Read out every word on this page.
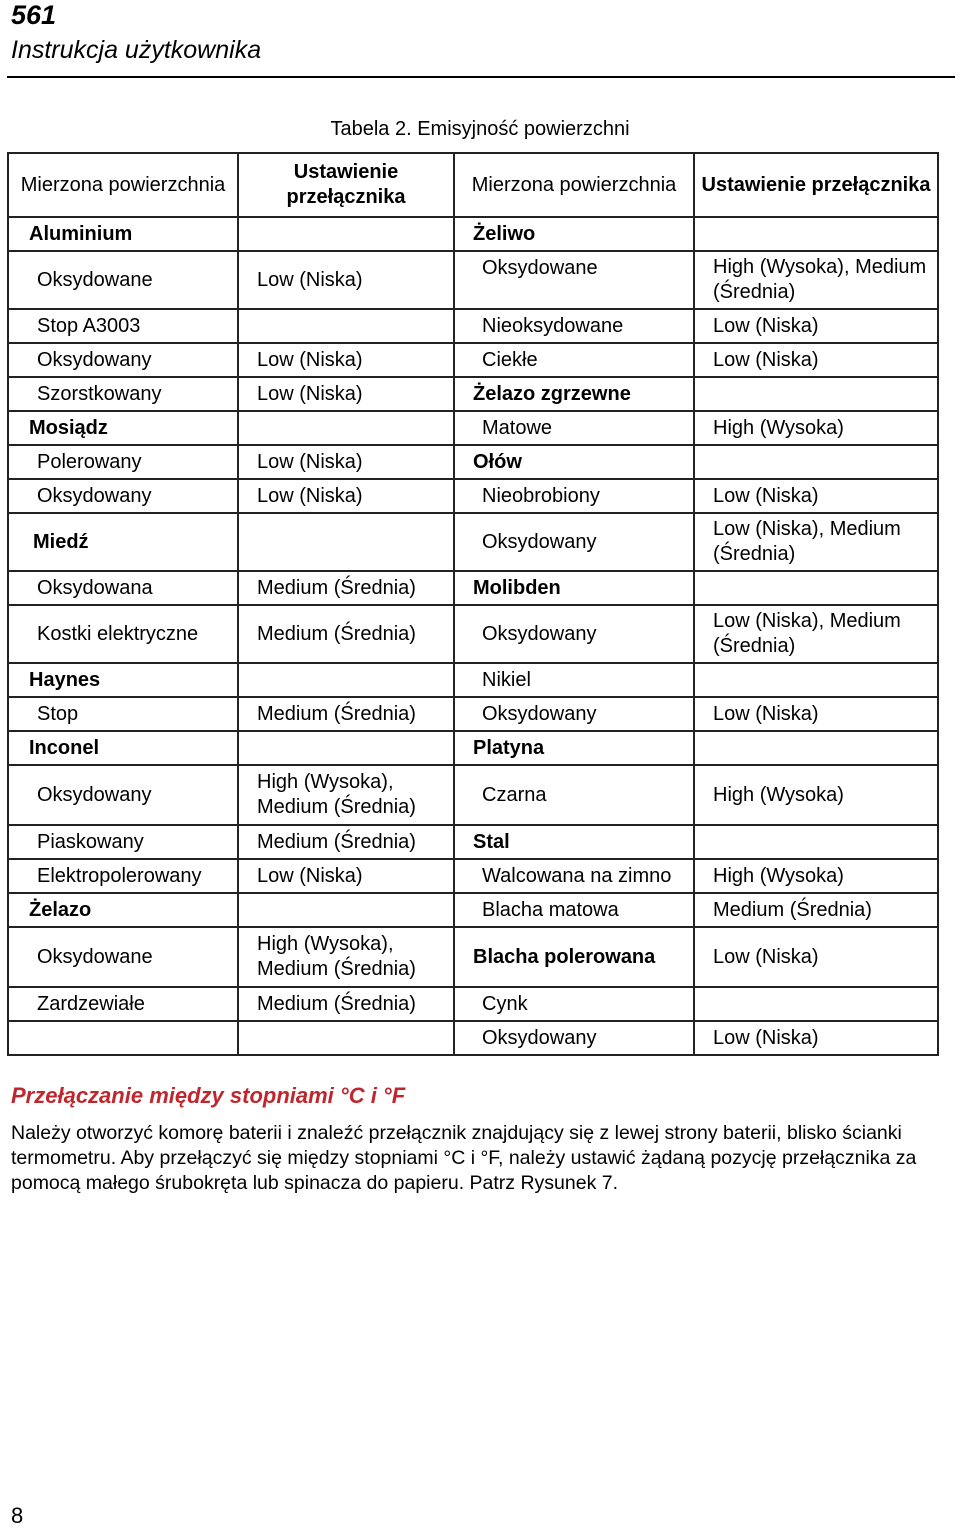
561
Instrukcja użytkownika
Tabela 2. Emisyjność powierzchni
Mierzona powierzchnia	Ustawienie przełącznika	Mierzona powierzchnia	Ustawienie przełącznika
Aluminium		Żeliwo	
Oksydowane	Low (Niska)	Oksydowane	High (Wysoka), Medium (Średnia)
Stop A3003		Nieoksydowane	Low (Niska)
Oksydowany	Low (Niska)	Ciekłe	Low (Niska)
Szorstkowany	Low (Niska)	Żelazo zgrzewne	
Mosiądz		Matowe	High (Wysoka)
Polerowany	Low (Niska)	Ołów	
Oksydowany	Low (Niska)	Nieobrobiony	Low (Niska)
Miedź		Oksydowany	Low (Niska), Medium (Średnia)
Oksydowana	Medium (Średnia)	Molibden	
Kostki elektryczne	Medium (Średnia)	Oksydowany	Low (Niska), Medium (Średnia)
Haynes		Nikiel	
Stop	Medium (Średnia)	Oksydowany	Low (Niska)
Inconel		Platyna	
Oksydowany	High (Wysoka), Medium (Średnia)	Czarna	High (Wysoka)
Piaskowany	Medium (Średnia)	Stal	
Elektropolerowany	Low (Niska)	Walcowana na zimno	High (Wysoka)
Żelazo		Blacha matowa	Medium (Średnia)
Oksydowane	High (Wysoka), Medium (Średnia)	Blacha polerowana	Low (Niska)
Zardzewiałe	Medium (Średnia)	Cynk	
		Oksydowany	Low (Niska)
Przełączanie między stopniami °C i °F
Należy otworzyć komorę baterii i znaleźć przełącznik znajdujący się z lewej strony baterii, blisko ścianki termometru. Aby przełączyć się między stopniami °C i °F, należy ustawić żądaną pozycję przełącznika za pomocą małego śrubokręta lub spinacza do papieru. Patrz Rysunek 7.
8
